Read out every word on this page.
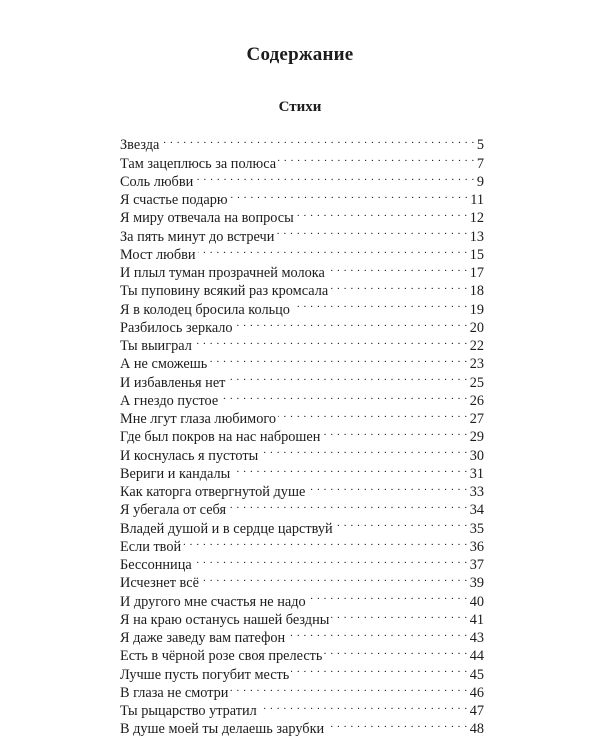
Содержание
Стихи
Звезда . . .	5
Там зацеплюсь за полюса . . .	7
Соль любви . . .	9
Я счастье подарю . . .	11
Я миру отвечала на вопросы . . .	12
За пять минут до встречи . . .	13
Мост любви . . .	15
И плыл туман прозрачней молока . . .	17
Ты пуповину всякий раз кромсала . . .	18
Я в колодец бросила кольцо . . .	19
Разбилось зеркало . . .	20
Ты выиграл . . .	22
А не сможешь . . .	23
И избавленья нет . . .	25
А гнездо пустое . . .	26
Мне лгут глаза любимого . . .	27
Где был покров на нас наброшен . . .	29
И коснулась я пустоты . . .	30
Вериги и кандалы . . .	31
Как каторга отвергнутой душе . . .	33
Я убегала от себя . . .	34
Владей душой и в сердце царствуй . . .	35
Если твой . . .	36
Бессонница . . .	37
Исчезнет всё . . .	39
И другого мне счастья не надо . . .	40
Я на краю останусь нашей бездны . . .	41
Я даже заведу вам патефон . . .	43
Есть в чёрной розе своя прелесть . . .	44
Лучше пусть погубит месть . . .	45
В глаза не смотри . . .	46
Ты рыцарство утратил . . .	47
В душе моей ты делаешь зарубки . . .	48
